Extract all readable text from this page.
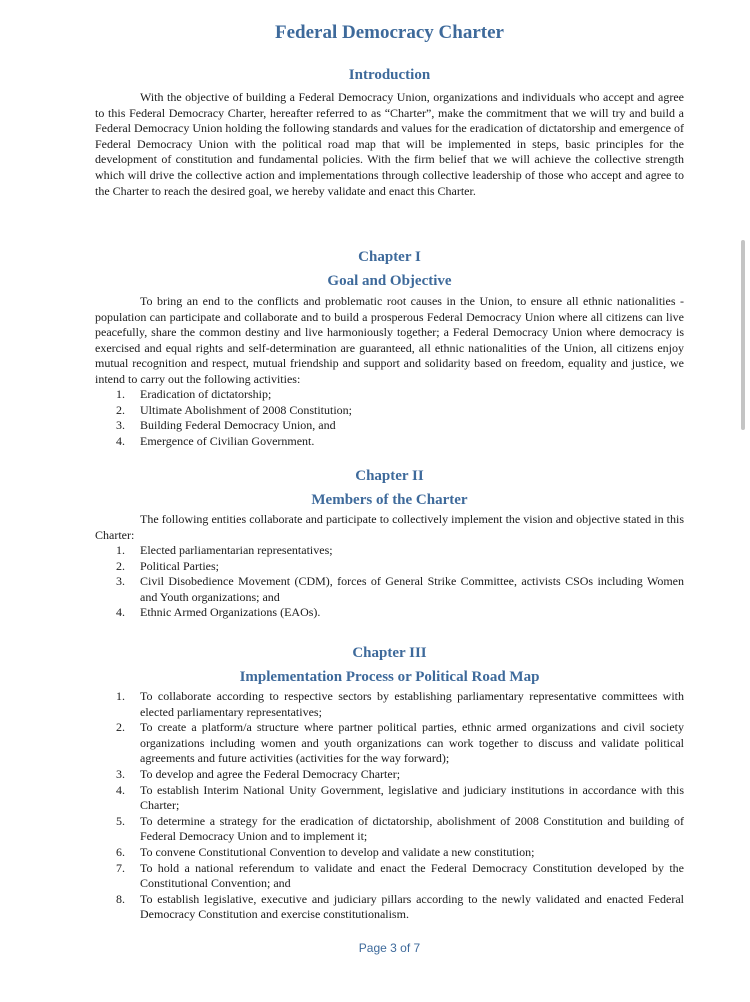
Federal Democracy Charter
Introduction

With the objective of building a Federal Democracy Union, organizations and individuals who accept and agree to this Federal Democracy Charter, hereafter referred to as “Charter”, make the commitment that we will try and build a Federal Democracy Union holding the following standards and values for the eradication of dictatorship and emergence of Federal Democracy Union with the political road map that will be implemented in steps, basic principles for the development of constitution and fundamental policies. With the firm belief that we will achieve the collective strength which will drive the collective action and implementations through collective leadership of those who accept and agree to the Charter to reach the desired goal, we hereby validate and enact this Charter.

Chapter I
Goal and Objective

To bring an end to the conflicts and problematic root causes in the Union, to ensure all ethnic nationalities - population can participate and collaborate and to build a prosperous Federal Democracy Union where all citizens can live peacefully, share the common destiny and live harmoniously together; a Federal Democracy Union where democracy is exercised and equal rights and self-determination are guaranteed, all ethnic nationalities of the Union, all citizens enjoy mutual recognition and respect, mutual friendship and support and solidarity based on freedom, equality and justice, we intend to carry out the following activities:

1. Eradication of dictatorship;
2. Ultimate Abolishment of 2008 Constitution;
3. Building Federal Democracy Union, and
4. Emergence of Civilian Government.
Chapter II
Members of the Charter

The following entities collaborate and participate to collectively implement the vision and objective stated in this Charter:

1. Elected parliamentarian representatives;
2. Political Parties;
3. Civil Disobedience Movement (CDM), forces of General Strike Committee, activists CSOs including Women and Youth organizations; and
4. Ethnic Armed Organizations (EAOs).
Chapter III
Implementation Process or Political Road Map
1. To collaborate according to respective sectors by establishing parliamentary representative committees with elected parliamentary representatives;
2. To create a platform/a structure where partner political parties, ethnic armed organizations and civil society organizations including women and youth organizations can work together to discuss and validate political agreements and future activities (activities for the way forward);
3. To develop and agree the Federal Democracy Charter;
4. To establish Interim National Unity Government, legislative and judiciary institutions in accordance with this Charter;
5. To determine a strategy for the eradication of dictatorship, abolishment of 2008 Constitution and building of Federal Democracy Union and to implement it;
6. To convene Constitutional Convention to develop and validate a new constitution;
7. To hold a national referendum to validate and enact the Federal Democracy Constitution developed by the Constitutional Convention; and
8. To establish legislative, executive and judiciary pillars according to the newly validated and enacted Federal Democracy Constitution and exercise constitutionalism.
Page 3 of 7
